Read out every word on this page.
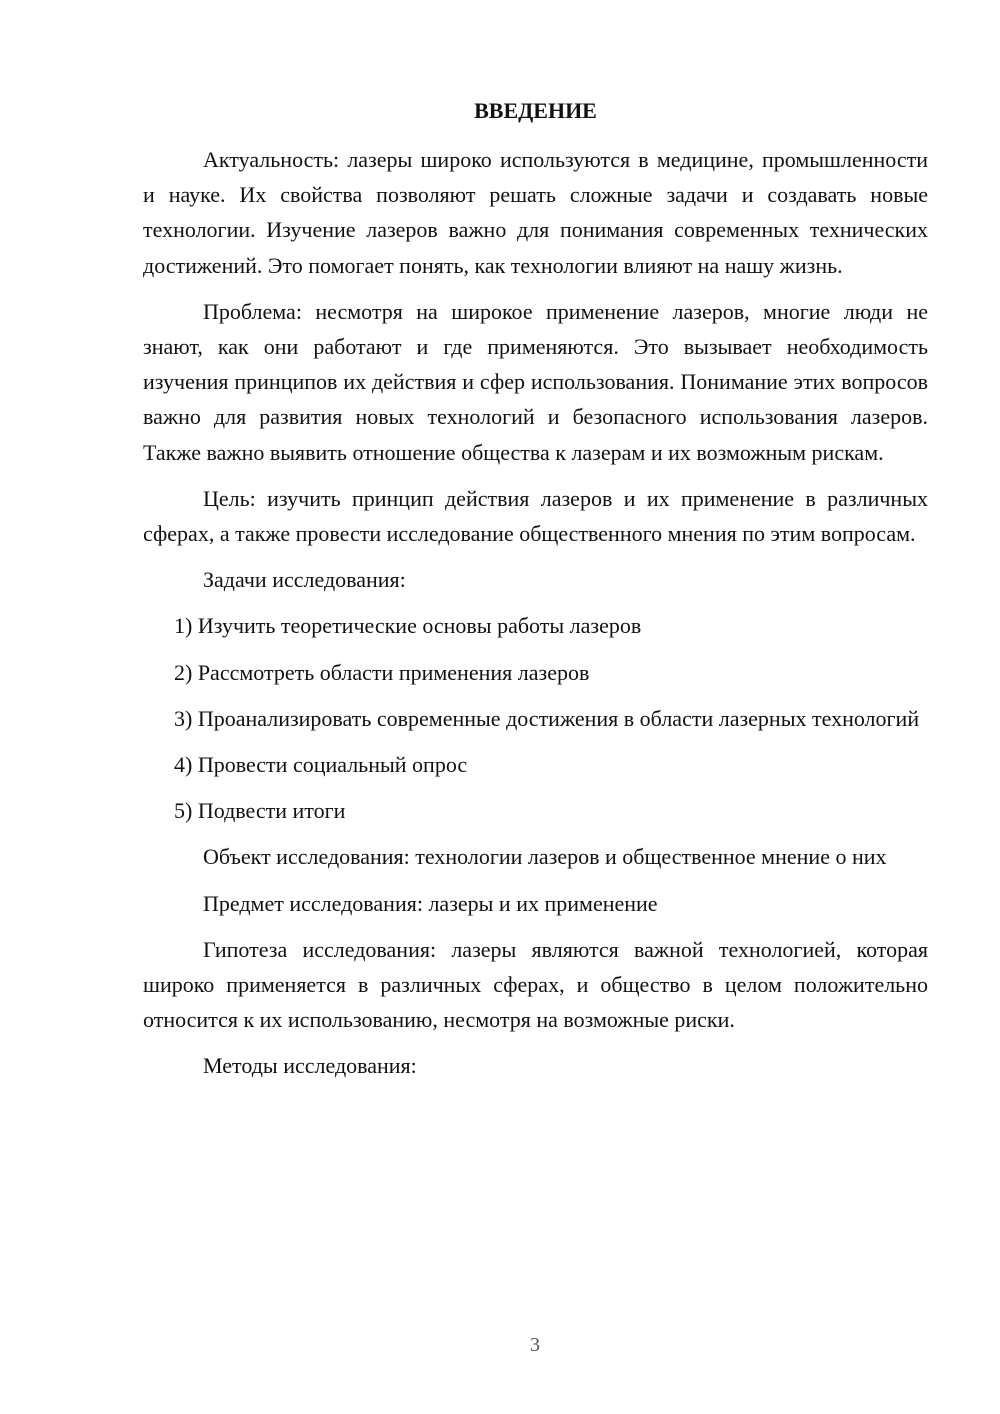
ВВЕДЕНИЕ

Актуальность: лазеры широко используются в медицине, промышленности и науке. Их свойства позволяют решать сложные задачи и создавать новые технологии. Изучение лазеров важно для понимания современных технических достижений. Это помогает понять, как технологии влияют на нашу жизнь.

Проблема: несмотря на широкое применение лазеров, многие люди не знают, как они работают и где применяются. Это вызывает необходимость изучения принципов их действия и сфер использования. Понимание этих вопросов важно для развития новых технологий и безопасного использования лазеров. Также важно выявить отношение общества к лазерам и их возможным рискам.

Цель: изучить принцип действия лазеров и их применение в различных сферах, а также провести исследование общественного мнения по этим вопросам.

Задачи исследования:

1) Изучить теоретические основы работы лазеров

2) Рассмотреть области применения лазеров

3) Проанализировать современные достижения в области лазерных технологий

4) Провести социальный опрос

5) Подвести итоги

Объект исследования: технологии лазеров и общественное мнение о них

Предмет исследования: лазеры и их применение

Гипотеза исследования: лазеры являются важной технологией, которая широко применяется в различных сферах, и общество в целом положительно относится к их использованию, несмотря на возможные риски.

Методы исследования:

3
